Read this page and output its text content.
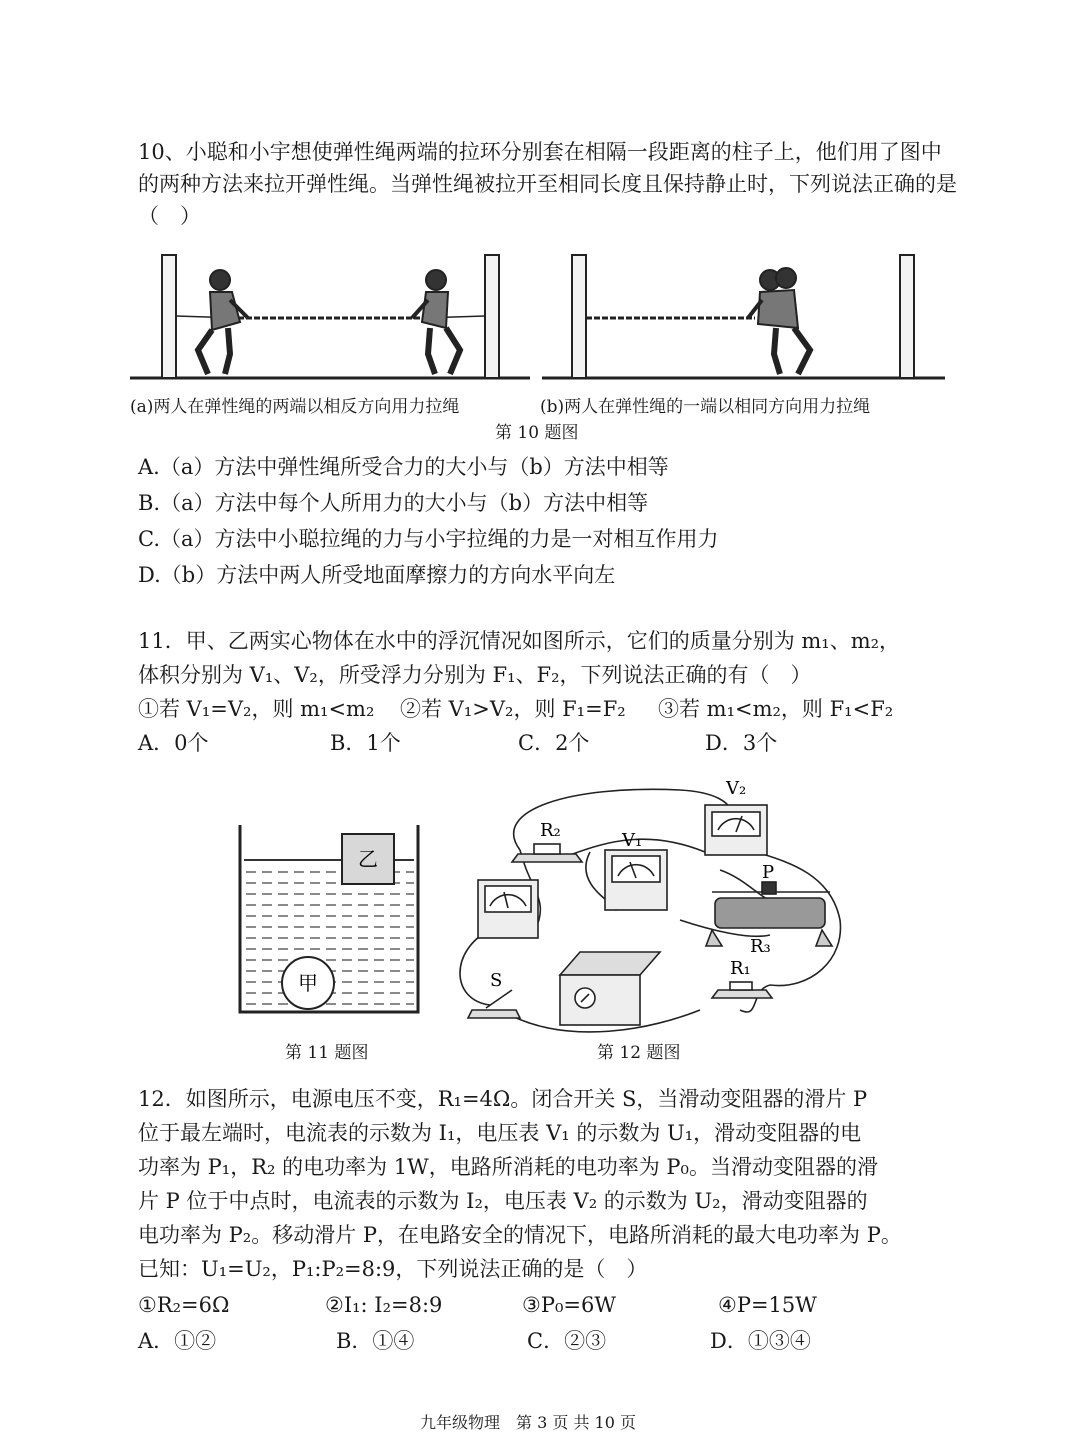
10、小聪和小宇想使弹性绳两端的拉环分别套在相隔一段距离的柱子上，他们用了图中的两种方法来拉开弹性绳。当弹性绳被拉开至相同长度且保持静止时，下列说法正确的是（　）
(a)两人在弹性绳的两端以相反方向用力拉绳	(b)两人在弹性绳的一端以相同方向用力拉绳
第 10 题图
A.（a）方法中弹性绳所受合力的大小与（b）方法中相等
B.（a）方法中每个人所用力的大小与（b）方法中相等
C.（a）方法中小聪拉绳的力与小宇拉绳的力是一对相互作用力
D.（b）方法中两人所受地面摩擦力的方向水平向左
11．甲、乙两实心物体在水中的浮沉情况如图所示，它们的质量分别为 m₁、m₂，
体积分别为 V₁、V₂，所受浮力分别为 F₁、F₂，下列说法正确的有（　）
①若 V₁=V₂，则 m₁<m₂ ②若 V₁>V₂，则 F₁=F₂ ③若 m₁<m₂，则 F₁<F₂
A．0个	B．1个	C．2个	D．3个
乙
甲
第 11 题图
V₂
V₁
R₂
P
R₃
R₁
S
第 12 题图
12．如图所示，电源电压不变，R₁=4Ω。闭合开关 S，当滑动变阻器的滑片 P
位于最左端时，电流表的示数为 I₁，电压表 V₁ 的示数为 U₁，滑动变阻器的电
功率为 P₁，R₂ 的电功率为 1W，电路所消耗的电功率为 P₀。当滑动变阻器的滑
片 P 位于中点时，电流表的示数为 I₂，电压表 V₂ 的示数为 U₂，滑动变阻器的
电功率为 P₂。移动滑片 P，在电路安全的情况下，电路所消耗的最大电功率为 P。
已知：U₁=U₂，P₁:P₂=8:9，下列说法正确的是（　）
①R₂=6Ω	②I₁: I₂=8:9	③P₀=6W	④P=15W
A．①②	B．①④	C．②③	D．①③④
九年级物理　第 3 页 共 10 页
